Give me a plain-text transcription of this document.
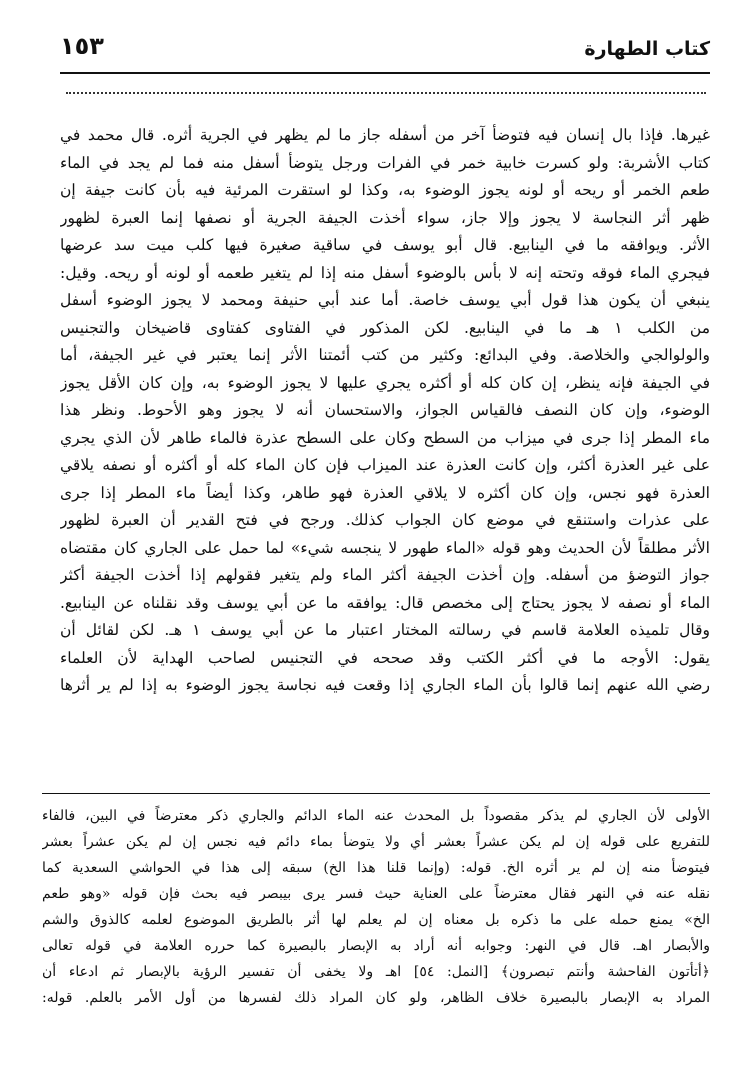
كتاب الطهارة
١٥٣
غيرها. فإذا بال إنسان فيه فتوضأ آخر من أسفله جاز ما لم يظهر في الجرية أثره. قال محمد في
كتاب الأشربة: ولو كسرت خابية خمر في الفرات ورجل يتوضأ أسفل منه فما لم يجد في الماء
طعم الخمر أو ريحه أو لونه يجوز الوضوء به، وكذا لو استقرت المرئية فيه بأن كانت جيفة إن
ظهر أثر النجاسة لا يجوز وإلا جاز، سواء أخذت الجيفة الجرية أو نصفها إنما العبرة لظهور
الأثر. ويوافقه ما في الينابيع. قال أبو يوسف في ساقية صغيرة فيها كلب ميت سد عرضها
فيجري الماء فوقه وتحته إنه لا بأس بالوضوء أسفل منه إذا لم يتغير طعمه أو لونه أو ريحه. وقيل:
ينبغي أن يكون هذا قول أبي يوسف خاصة. أما عند أبي حنيفة ومحمد لا يجوز الوضوء أسفل
من الكلب ١ هـ ما في الينابيع. لكن المذكور في الفتاوى كفتاوى قاضيخان والتجنيس
والولوالجي والخلاصة. وفي البدائع: وكثير من كتب أئمتنا الأثر إنما يعتبر في غير الجيفة، أما
في الجيفة فإنه ينظر، إن كان كله أو أكثره يجري عليها لا يجوز الوضوء به، وإن كان الأقل يجوز
الوضوء، وإن كان النصف فالقياس الجواز، والاستحسان أنه لا يجوز وهو الأحوط. ونظر هذا
ماء المطر إذا جرى في ميزاب من السطح وكان على السطح عذرة فالماء طاهر لأن الذي يجري
على غير العذرة أكثر، وإن كانت العذرة عند الميزاب فإن كان الماء كله أو أكثره أو نصفه يلاقي
العذرة فهو نجس، وإن كان أكثره لا يلاقي العذرة فهو طاهر، وكذا أيضاً ماء المطر إذا جرى
على عذرات واستنقع في موضع كان الجواب كذلك. ورجح في فتح القدير أن العبرة لظهور
الأثر مطلقاً لأن الحديث وهو قوله «الماء طهور لا ينجسه شيء» لما حمل على الجاري كان مقتضاه
جواز التوضؤ من أسفله. وإن أخذت الجيفة أكثر الماء ولم يتغير فقولهم إذا أخذت الجيفة أكثر
الماء أو نصفه لا يجوز يحتاج إلى مخصص قال: يوافقه ما عن أبي يوسف وقد نقلناه عن الينابيع.
وقال تلميذه العلامة قاسم في رسالته المختار اعتبار ما عن أبي يوسف ١ هـ. لكن لقائل أن
يقول: الأوجه ما في أكثر الكتب وقد صححه في التجنيس لصاحب الهداية لأن العلماء
رضي الله عنهم إنما قالوا بأن الماء الجاري إذا وقعت فيه نجاسة يجوز الوضوء به إذا لم ير أثرها
الأولى لأن الجاري لم يذكر مقصوداً بل المحدث عنه الماء الدائم والجاري ذكر معترضاً في البين، فالفاء
للتفريع على قوله إن لم يكن عشراً بعشر أي ولا يتوضأ بماء دائم فيه نجس إن لم يكن عشراً بعشر
فيتوضأ منه إن لم ير أثره الخ. قوله: (وإنما قلنا هذا الخ) سبقه إلى هذا في الحواشي السعدية كما
نقله عنه في النهر فقال معترضاً على العناية حيث فسر يرى بيبصر فيه بحث فإن قوله «وهو طعم
الخ» يمنع حمله على ما ذكره بل معناه إن لم يعلم لها أثر بالطريق الموضوع لعلمه كالذوق والشم
والأبصار اهـ. قال في النهر: وجوابه أنه أراد به الإبصار بالبصيرة كما حرره العلامة في قوله تعالى
﴿أتأتون الفاحشة وأنتم تبصرون﴾ [النمل: ٥٤] اهـ ولا يخفى أن تفسير الرؤية بالإبصار ثم ادعاء أن
المراد به الإبصار بالبصيرة خلاف الظاهر، ولو كان المراد ذلك لفسرها من أول الأمر بالعلم. قوله:
